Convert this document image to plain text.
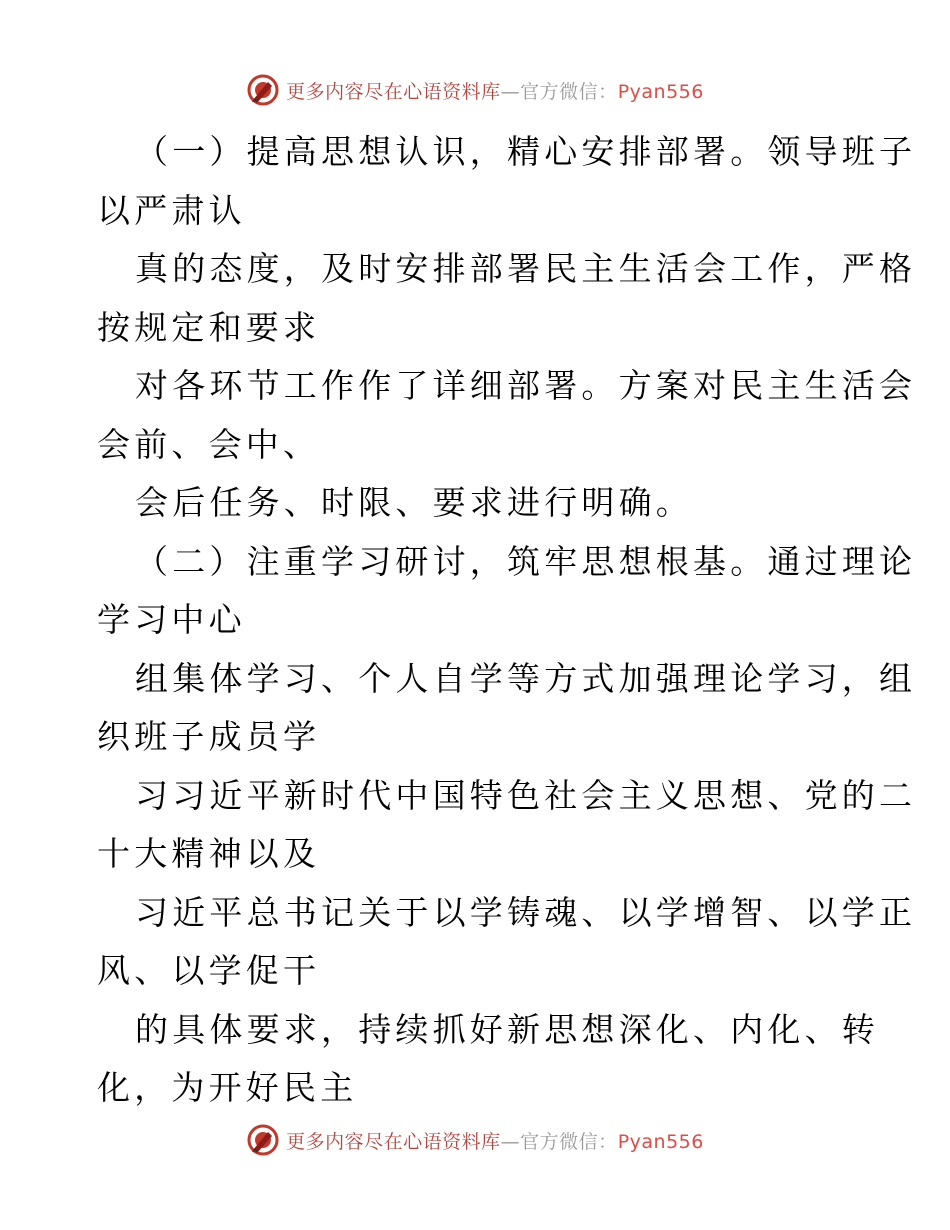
更多内容尽在心语资料库—官方微信：Pyan556
（一）提高思想认识，精心安排部署。领导班子
以严肃认
真的态度，及时安排部署民主生活会工作，严格
按规定和要求
对各环节工作作了详细部署。方案对民主生活会
会前、会中、
会后任务、时限、要求进行明确。
（二）注重学习研讨，筑牢思想根基。通过理论
学习中心
组集体学习、个人自学等方式加强理论学习，组
织班子成员学
习习近平新时代中国特色社会主义思想、党的二
十大精神以及
习近平总书记关于以学铸魂、以学增智、以学正
风、以学促干
的具体要求，持续抓好新思想深化、内化、转
化，为开好民主
更多内容尽在心语资料库—官方微信：Pyan556
